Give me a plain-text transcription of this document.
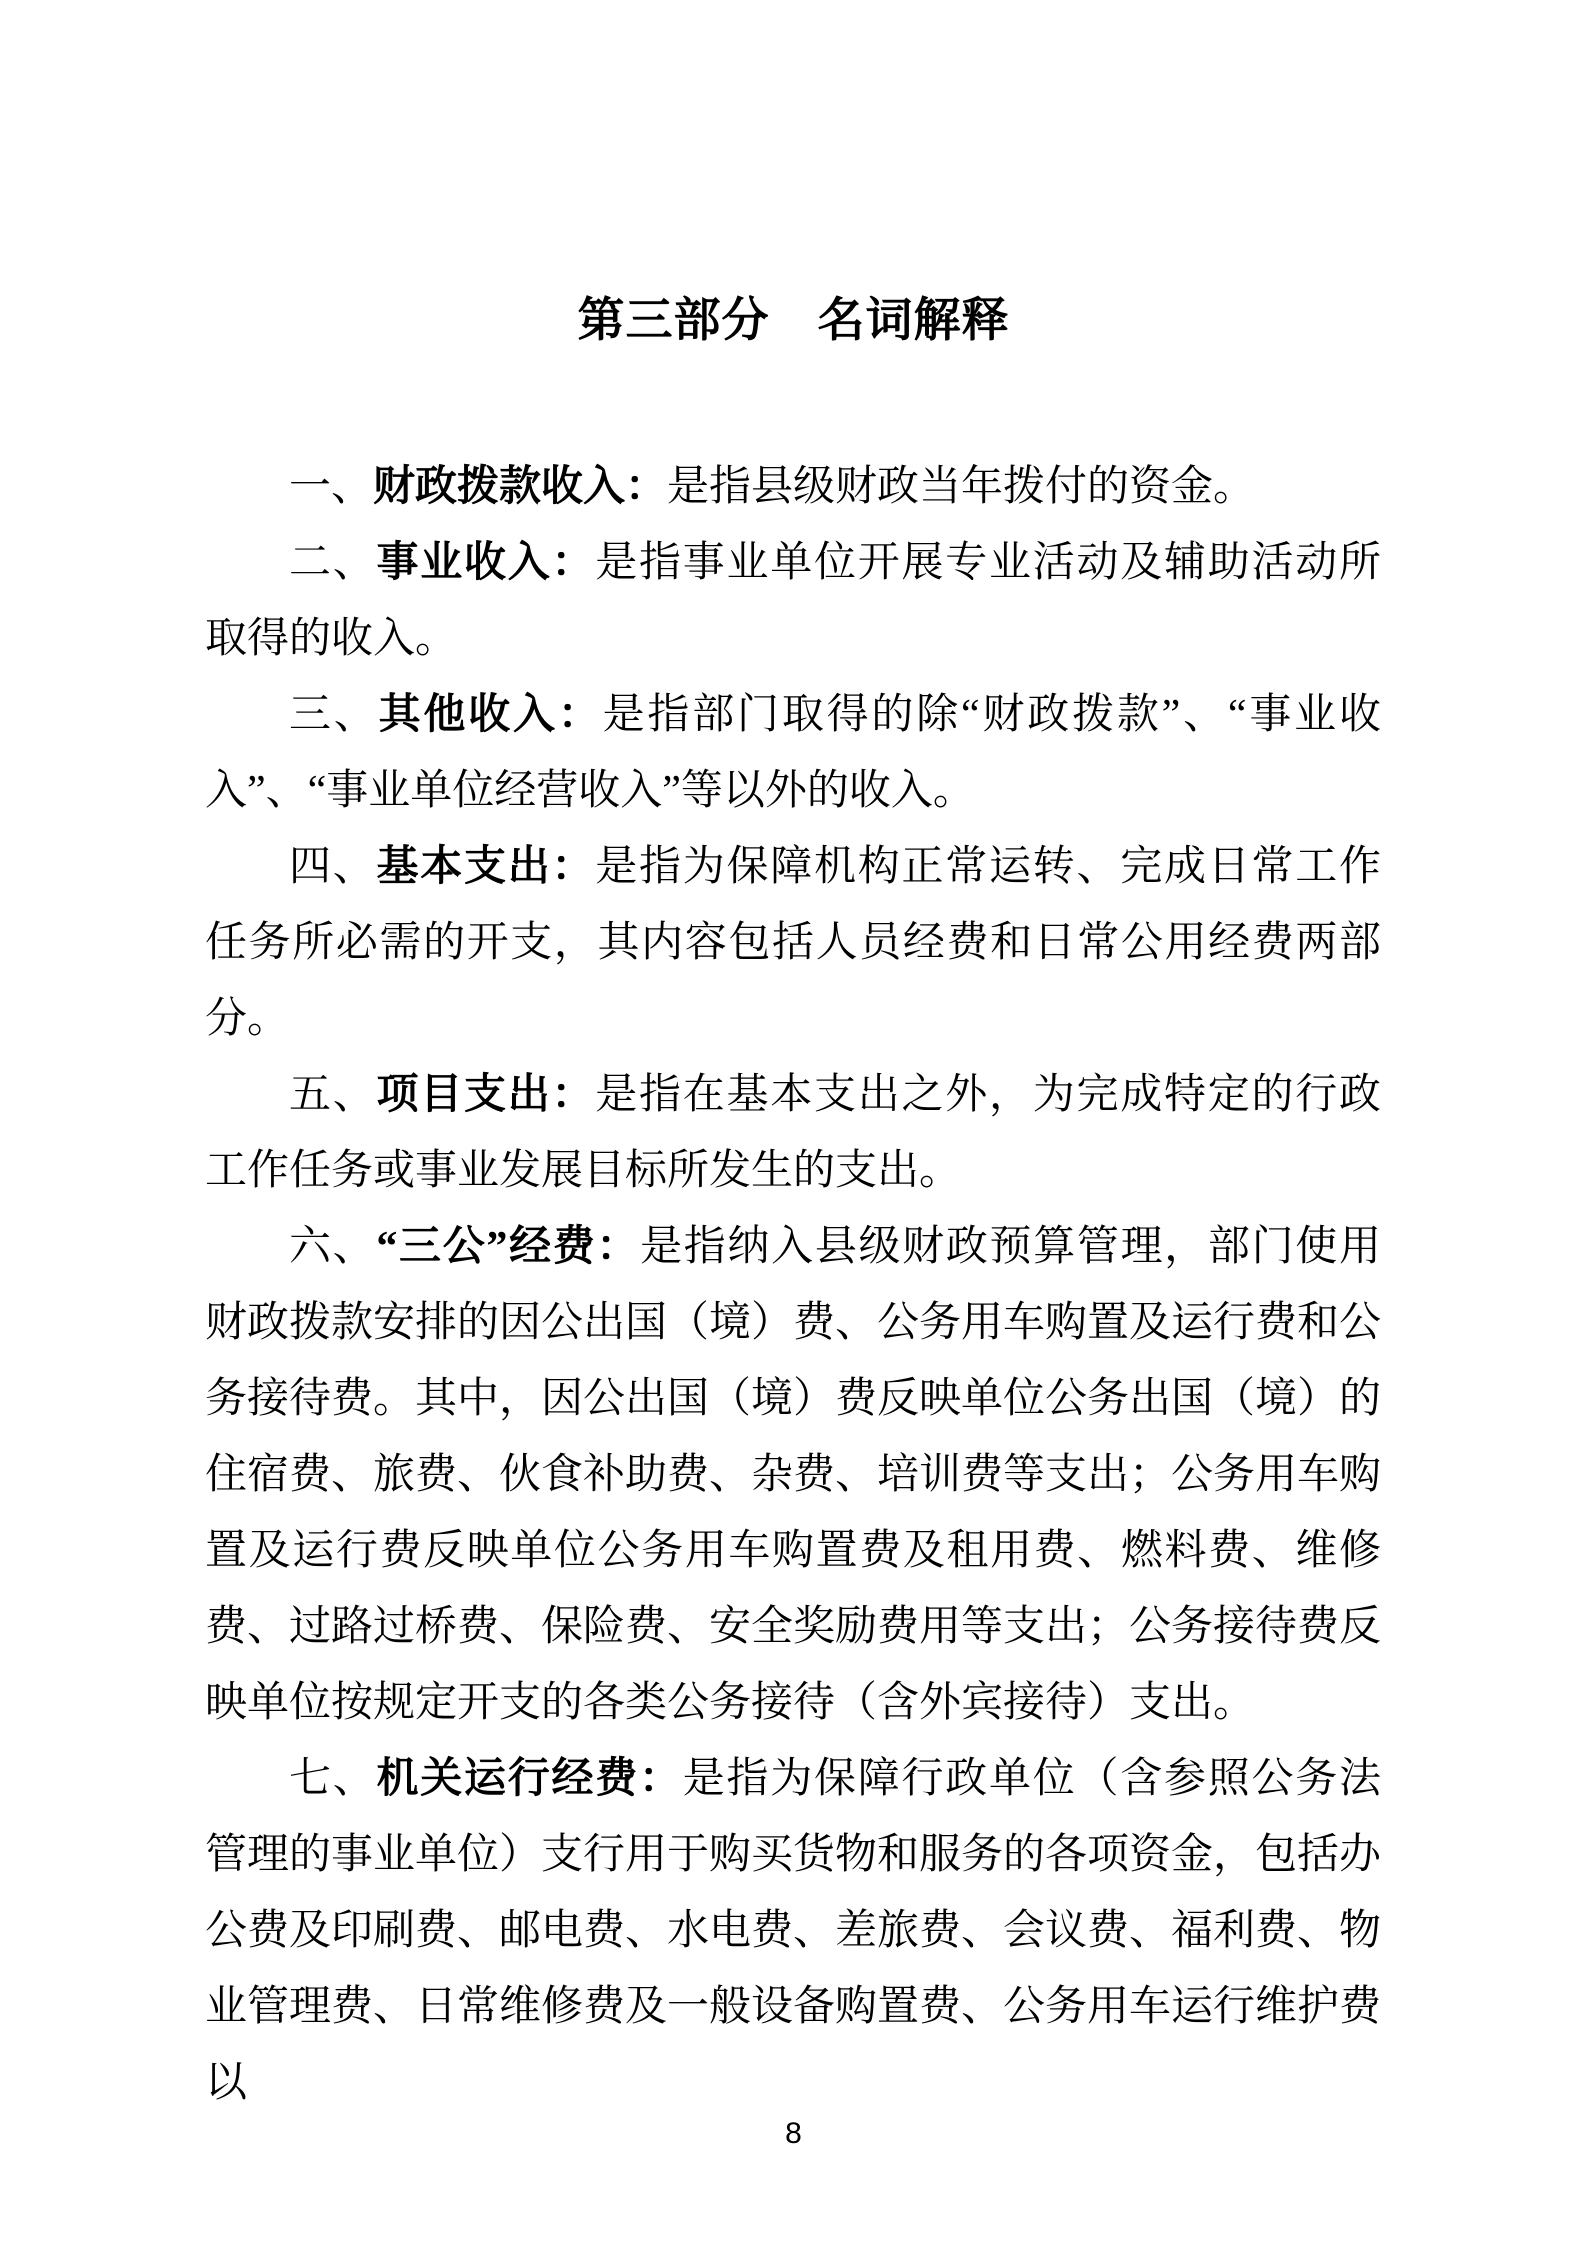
第三部分　名词解释

一、财政拨款收入：是指县级财政当年拨付的资金。

二、事业收入：是指事业单位开展专业活动及辅助活动所取得的收入。

三、其他收入：是指部门取得的除“财政拨款”、“事业收入”、“事业单位经营收入”等以外的收入。

四、基本支出：是指为保障机构正常运转、完成日常工作任务所必需的开支，其内容包括人员经费和日常公用经费两部分。

五、项目支出：是指在基本支出之外，为完成特定的行政工作任务或事业发展目标所发生的支出。

六、“三公”经费：是指纳入县级财政预算管理，部门使用财政拨款安排的因公出国（境）费、公务用车购置及运行费和公务接待费。其中，因公出国（境）费反映单位公务出国（境）的住宿费、旅费、伙食补助费、杂费、培训费等支出；公务用车购置及运行费反映单位公务用车购置费及租用费、燃料费、维修费、过路过桥费、保险费、安全奖励费用等支出；公务接待费反映单位按规定开支的各类公务接待（含外宾接待）支出。

七、机关运行经费：是指为保障行政单位（含参照公务法管理的事业单位）支行用于购买货物和服务的各项资金，包括办公费及印刷费、邮电费、水电费、差旅费、会议费、福利费、物业管理费、日常维修费及一般设备购置费、公务用车运行维护费以

8
